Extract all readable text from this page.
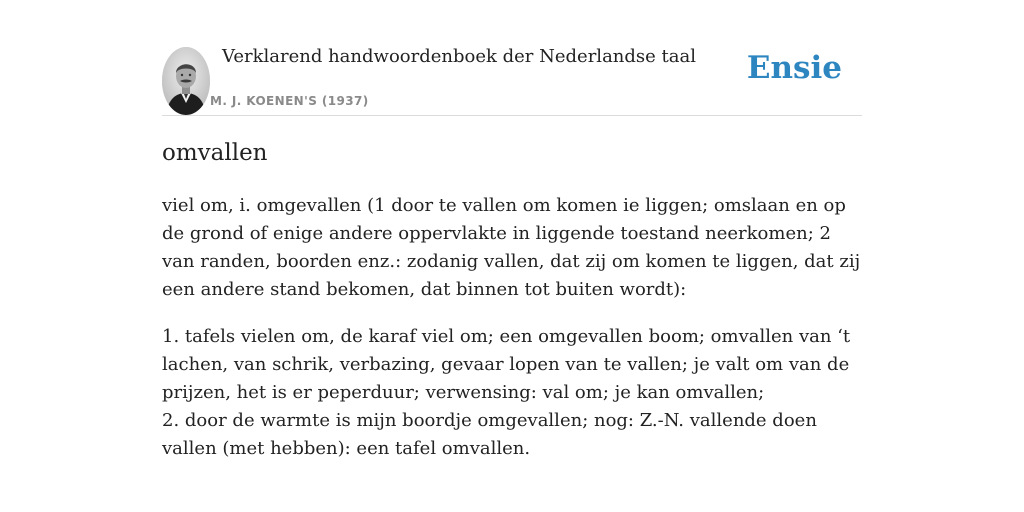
Verklarend handwoordenboek der Nederlandse taal
M. J. KOENEN'S (1937)
Ensie
omvallen

viel om, i. omgevallen (1 door te vallen om komen ie liggen; omslaan en op de grond of enige andere oppervlakte in liggende toestand neerkomen; 2 van randen, boorden enz.: zodanig vallen, dat zij om komen te liggen, dat zij een andere stand bekomen, dat binnen tot buiten wordt):

1. tafels vielen om, de karaf viel om; een omgevallen boom; omvallen van ‘t lachen, van schrik, verbazing, gevaar lopen van te vallen; je valt om van de prijzen, het is er peperduur; verwensing: val om; je kan omvallen;
2. door de warmte is mijn boordje omgevallen; nog: Z.-N. vallende doen vallen (met hebben): een tafel omvallen.
